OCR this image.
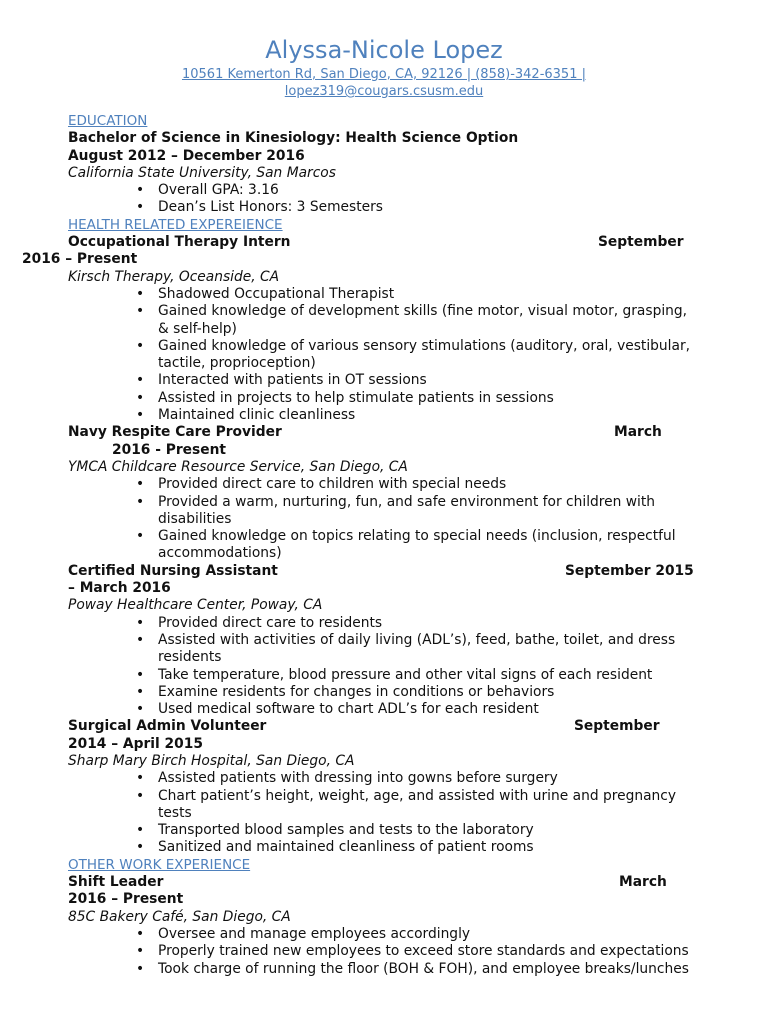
Alyssa-Nicole Lopez
10561 Kemerton Rd, San Diego, CA, 92126 | (858)-342-6351 |
lopez319@cougars.csusm.edu
EDUCATION
Bachelor of Science in Kinesiology: Health Science Option
August 2012 – December 2016
California State University, San Marcos
• Overall GPA: 3.16
• Dean’s List Honors: 3 Semesters
HEALTH RELATED EXPEREIENCE
Occupational Therapy Intern	September
2016 – Present
Kirsch Therapy, Oceanside, CA
• Shadowed Occupational Therapist
• Gained knowledge of development skills (fine motor, visual motor, grasping,
& self-help)
• Gained knowledge of various sensory stimulations (auditory, oral, vestibular,
tactile, proprioception)
• Interacted with patients in OT sessions
• Assisted in projects to help stimulate patients in sessions
• Maintained clinic cleanliness
Navy Respite Care Provider	March
2016 - Present
YMCA Childcare Resource Service, San Diego, CA
• Provided direct care to children with special needs
• Provided a warm, nurturing, fun, and safe environment for children with
disabilities
• Gained knowledge on topics relating to special needs (inclusion, respectful
accommodations)
Certified Nursing Assistant	September 2015
– March 2016
Poway Healthcare Center, Poway, CA
• Provided direct care to residents
• Assisted with activities of daily living (ADL’s), feed, bathe, toilet, and dress
residents
• Take temperature, blood pressure and other vital signs of each resident
• Examine residents for changes in conditions or behaviors
• Used medical software to chart ADL’s for each resident
Surgical Admin Volunteer	September
2014 – April 2015
Sharp Mary Birch Hospital, San Diego, CA
• Assisted patients with dressing into gowns before surgery
• Chart patient’s height, weight, age, and assisted with urine and pregnancy
tests
• Transported blood samples and tests to the laboratory
• Sanitized and maintained cleanliness of patient rooms
OTHER WORK EXPERIENCE
Shift Leader	March
2016 – Present
85C Bakery Café, San Diego, CA
• Oversee and manage employees accordingly
• Properly trained new employees to exceed store standards and expectations
• Took charge of running the floor (BOH & FOH), and employee breaks/lunches
